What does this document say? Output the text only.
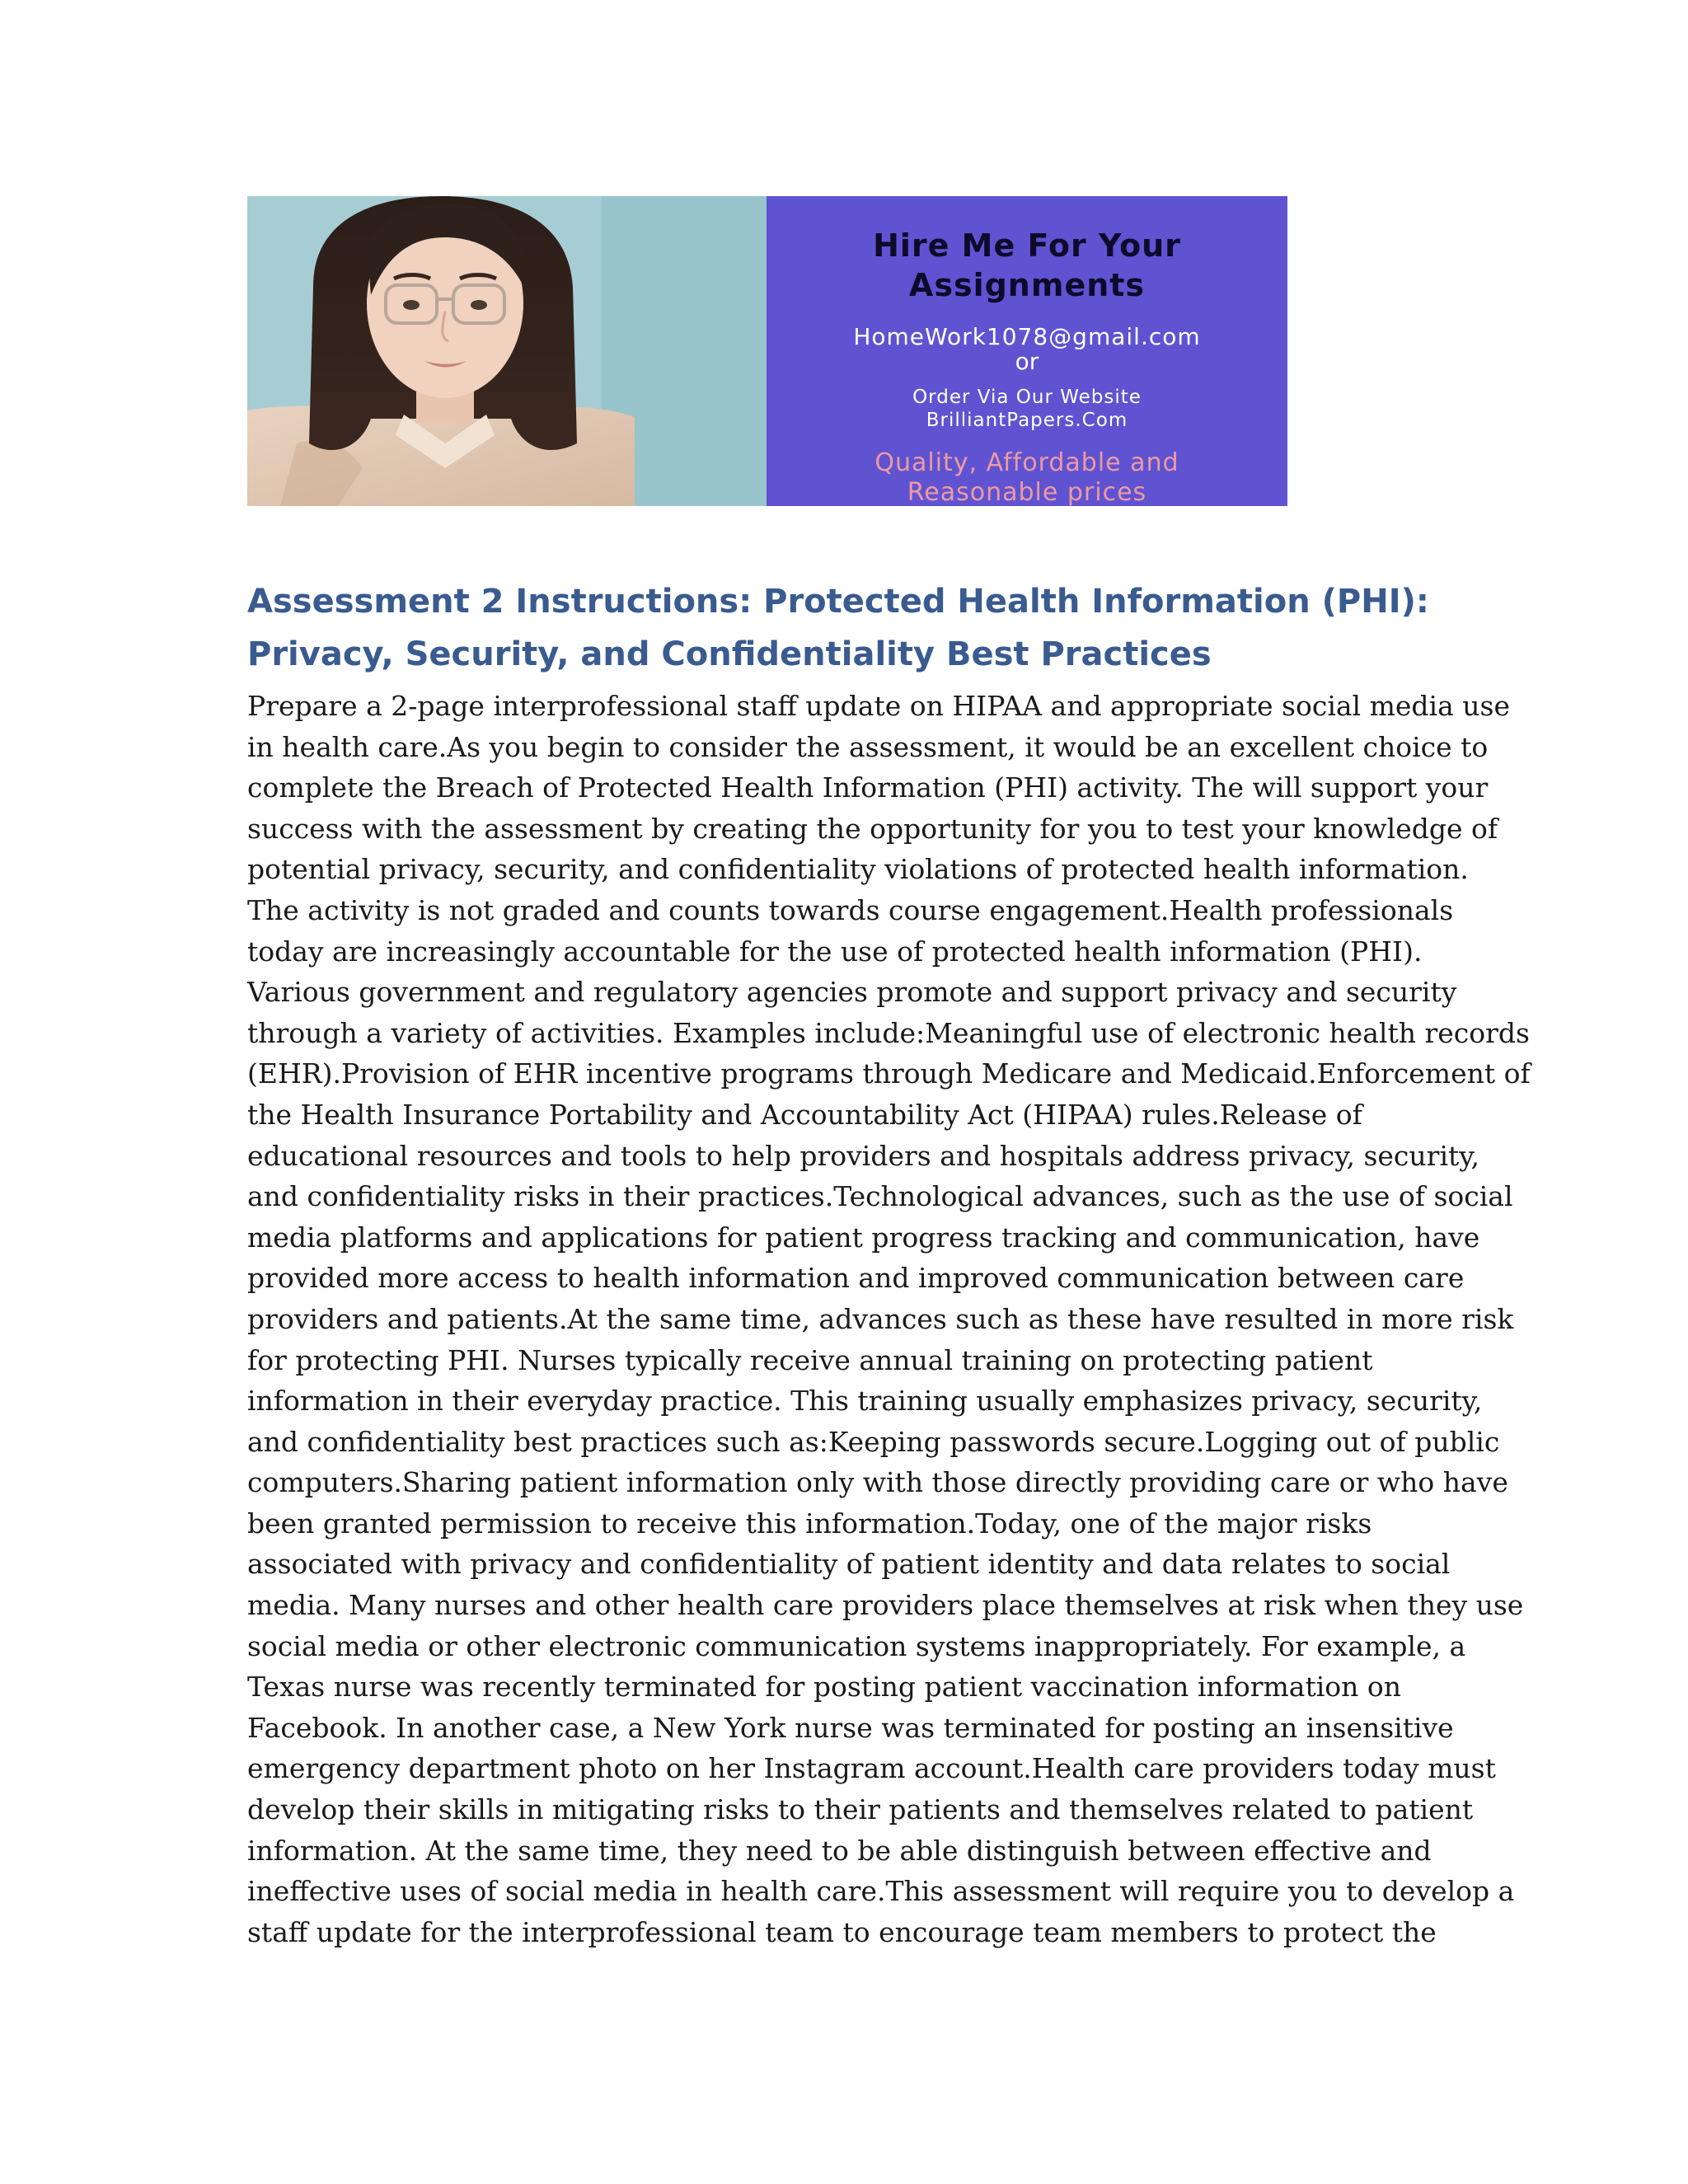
Hire Me For Your Assignments
HomeWork1078@gmail.com
or
Order Via Our Website
BrilliantPapers.Com
Quality, Affordable and Reasonable prices
Assessment 2 Instructions: Protected Health Information (PHI): Privacy, Security, and Confidentiality Best Practices
Prepare a 2-page interprofessional staff update on HIPAA and appropriate social media use
in health care.As you begin to consider the assessment, it would be an excellent choice to
complete the Breach of Protected Health Information (PHI) activity. The will support your
success with the assessment by creating the opportunity for you to test your knowledge of
potential privacy, security, and confidentiality violations of protected health information.
The activity is not graded and counts towards course engagement.Health professionals
today are increasingly accountable for the use of protected health information (PHI).
Various government and regulatory agencies promote and support privacy and security
through a variety of activities. Examples include:Meaningful use of electronic health records
(EHR).Provision of EHR incentive programs through Medicare and Medicaid.Enforcement of
the Health Insurance Portability and Accountability Act (HIPAA) rules.Release of
educational resources and tools to help providers and hospitals address privacy, security,
and confidentiality risks in their practices.Technological advances, such as the use of social
media platforms and applications for patient progress tracking and communication, have
provided more access to health information and improved communication between care
providers and patients.At the same time, advances such as these have resulted in more risk
for protecting PHI. Nurses typically receive annual training on protecting patient
information in their everyday practice. This training usually emphasizes privacy, security,
and confidentiality best practices such as:Keeping passwords secure.Logging out of public
computers.Sharing patient information only with those directly providing care or who have
been granted permission to receive this information.Today, one of the major risks
associated with privacy and confidentiality of patient identity and data relates to social
media. Many nurses and other health care providers place themselves at risk when they use
social media or other electronic communication systems inappropriately. For example, a
Texas nurse was recently terminated for posting patient vaccination information on
Facebook. In another case, a New York nurse was terminated for posting an insensitive
emergency department photo on her Instagram account.Health care providers today must
develop their skills in mitigating risks to their patients and themselves related to patient
information. At the same time, they need to be able distinguish between effective and
ineffective uses of social media in health care.This assessment will require you to develop a
staff update for the interprofessional team to encourage team members to protect the
